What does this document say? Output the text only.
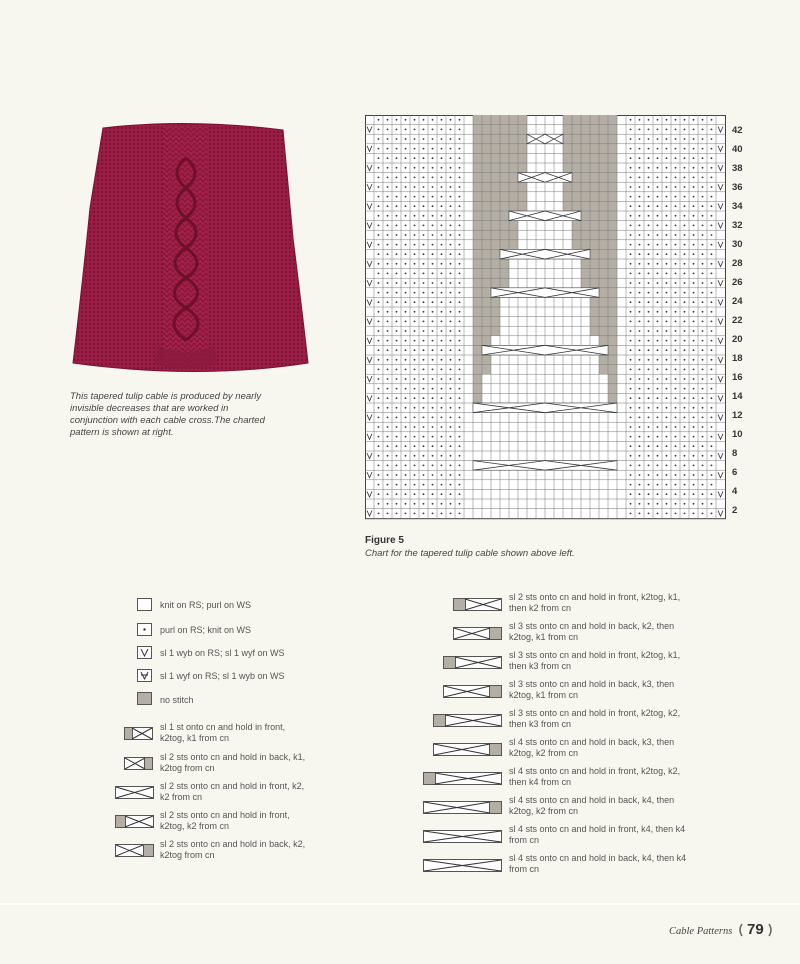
This tapered tulip cable is produced by nearly invisible decreases that are worked in conjunction with each cable cross.The charted pattern is shown at right.
42
40
38
36
34
32
30
28
26
24
22
20
18
16
14
12
10
8
6
4
2
Figure 5
Chart for the tapered tulip cable shown above left.
knit on RS; purl on WS
purl on RS; knit on WS
sl 1 wyb on RS; sl 1 wyf on WS
sl 1 wyf on RS; sl 1 wyb on WS
no stitch
sl 1 st onto cn and hold in front, k2tog, k1 from cn
sl 2 sts onto cn and hold in back, k1, k2tog from cn
sl 2 sts onto cn and hold in front, k2, k2 from cn
sl 2 sts onto cn and hold in front, k2tog, k2 from cn
sl 2 sts onto cn and hold in back, k2, k2tog from cn
sl 2 sts onto cn and hold in front, k2tog, k1, then k2 from cn
sl 3 sts onto cn and hold in back, k2, then k2tog, k1 from cn
sl 3 sts onto cn and hold in front, k2tog, k1, then k3 from cn
sl 3 sts onto cn and hold in back, k3, then k2tog, k1 from cn
sl 3 sts onto cn and hold in front, k2tog, k2, then k3 from cn
sl 4 sts onto cn and hold in back, k3, then k2tog, k2 from cn
sl 4 sts onto cn and hold in front, k2tog, k2, then k4 from cn
sl 4 sts onto cn and hold in back, k4, then k2tog, k2 from cn
sl 4 sts onto cn and hold in front, k4, then k4 from cn
sl 4 sts onto cn and hold in back, k4, then k4 from cn
Cable Patterns 79
